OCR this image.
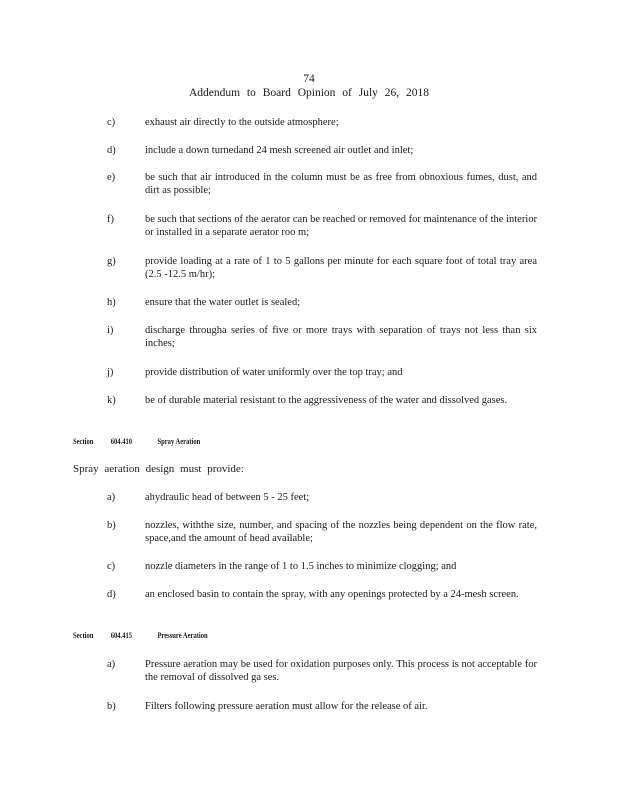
74
Addendum to Board Opinion of July 26, 2018
c)	exhaust air directly to the outside atmosphere;
d)	include a down turnedand 24 mesh screened air outlet and inlet;
e)	be such that air introduced in the column must be as free from obnoxious fumes, dust, and dirt as possible;
f)	be such that sections of the aerator can be reached or removed for maintenance of the interior or installed in a separate aerator roo m;
g)	provide loading at a rate of 1 to 5 gallons per minute for each square foot of total tray area (2.5 -12.5 m/hr);
h)	ensure that the water outlet is sealed;
i)	discharge througha series of five or more trays with separation of trays not less than six inches;
j)	provide distribution of water uniformly over the top tray; and
k)	be of durable material resistant to the aggressiveness of the water and dissolved gases.
Section 604.410	Spray Aeration
Spray aeration design must provide:
a)	ahydraulic head of between 5 - 25 feet;
b)	nozzles, withthe size, number, and spacing of the nozzles being dependent on the flow rate, space,and the amount of head available;
c)	nozzle diameters in the range of 1 to 1.5 inches to minimize clogging; and
d)	an enclosed basin to contain the spray, with any openings protected by a 24-mesh screen.
Section 604.415	Pressure Aeration
a)	Pressure aeration may be used for oxidation purposes only. This process is not acceptable for the removal of dissolved ga ses.
b)	Filters following pressure aeration must allow for the release of air.
